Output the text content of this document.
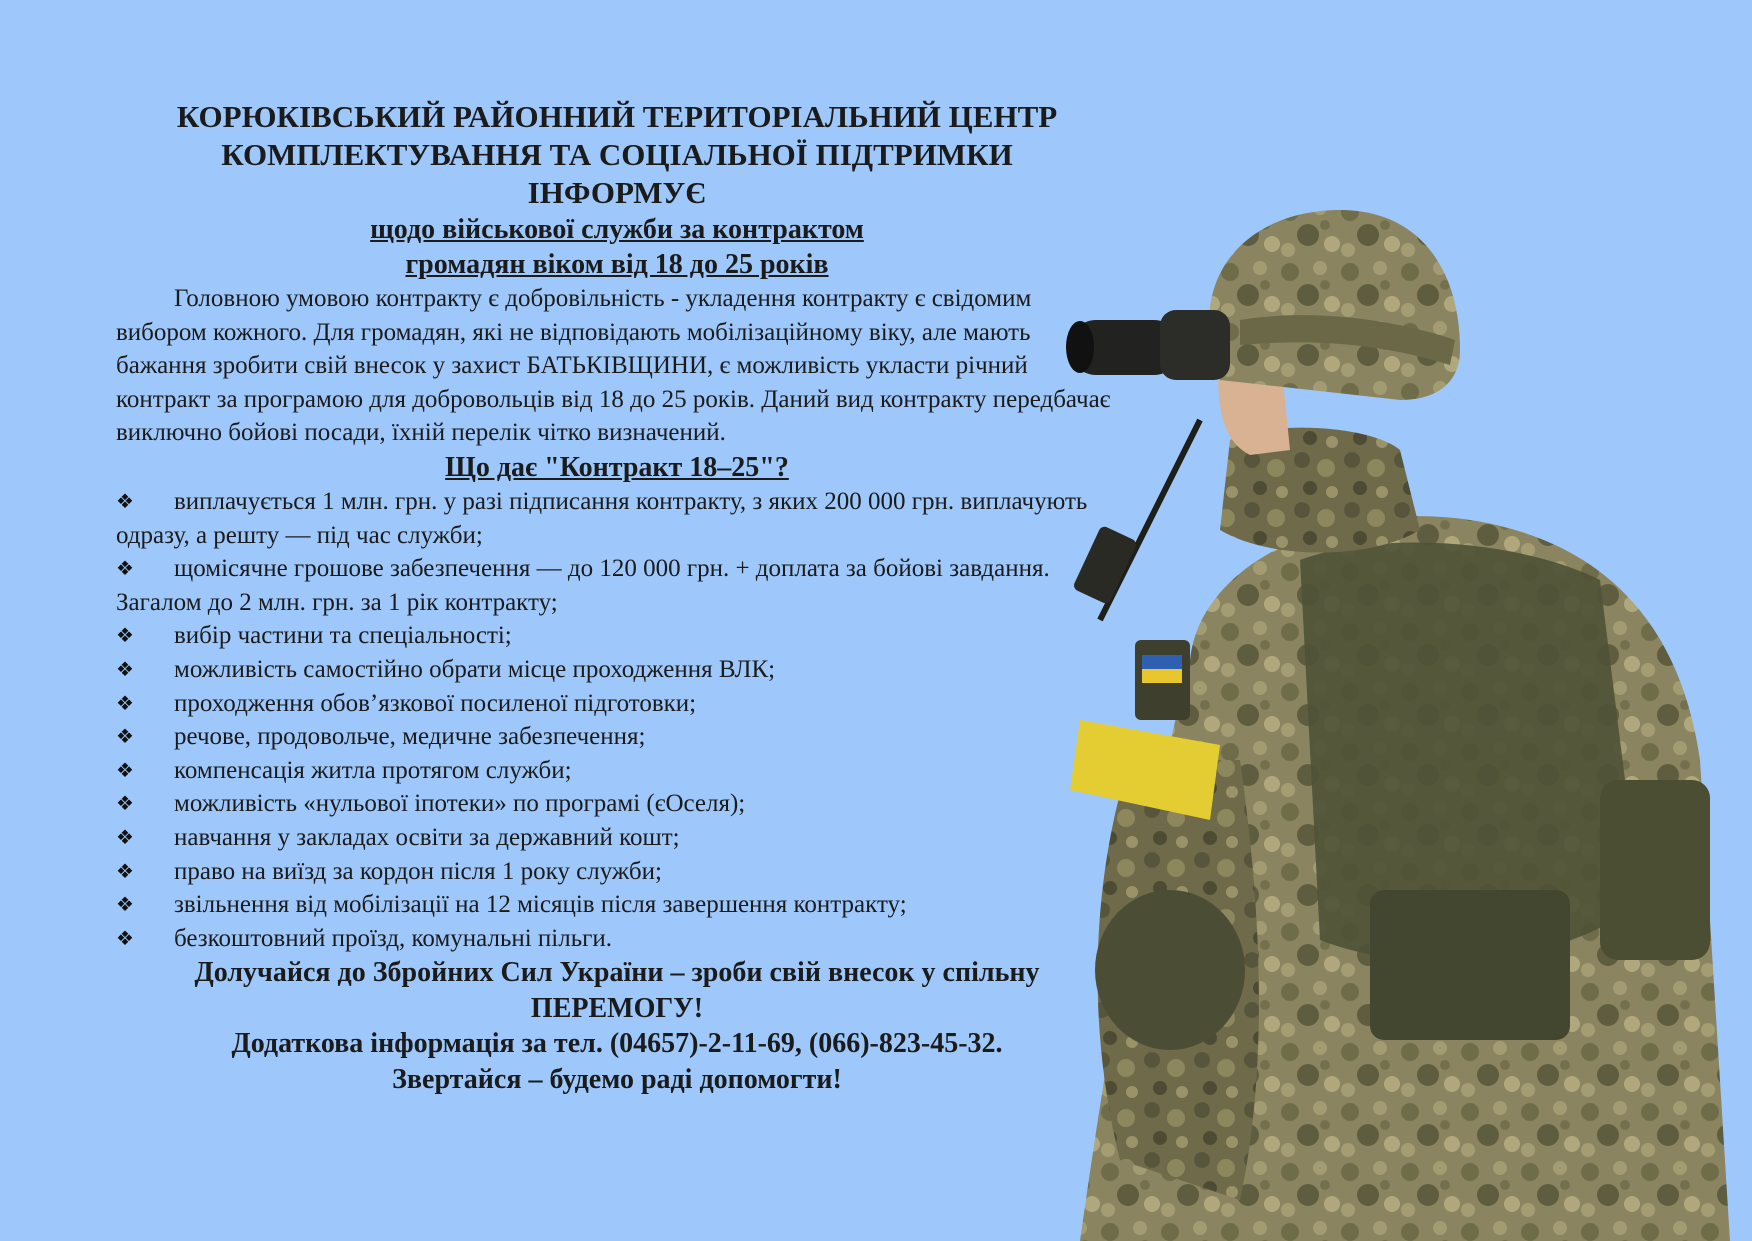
КОРЮКІВСЬКИЙ РАЙОННИЙ ТЕРИТОРІАЛЬНИЙ ЦЕНТР
КОМПЛЕКТУВАННЯ ТА СОЦІАЛЬНОЇ ПІДТРИМКИ
ІНФОРМУЄ
щодо військової служби за контрактом
громадян віком від 18 до 25 років

Головною умовою контракту є добровільність - укладення контракту є свідомим вибором кожного. Для громадян, які не відповідають мобілізаційному віку, але мають бажання зробити свій внесок у захист БАТЬКІВЩИНИ, є можливість укласти річний контракт за програмою для добровольців від 18 до 25 років. Даний вид контракту передбачає виключно бойові посади, їхній перелік чітко визначений.

Що дає "Контракт 18–25"?
❖ виплачується 1 млн. грн. у разі підписання контракту, з яких 200 000 грн. виплачують одразу, а решту — під час служби;
❖ щомісячне грошове забезпечення — до 120 000 грн. + доплата за бойові завдання. Загалом до 2 млн. грн. за 1 рік контракту;
❖ вибір частини та спеціальності;
❖ можливість самостійно обрати місце проходження ВЛК;
❖ проходження обов’язкової посиленої підготовки;
❖ речове, продовольче, медичне забезпечення;
❖ компенсація житла протягом служби;
❖ можливість «нульової іпотеки» по програмі (єОселя);
❖ навчання у закладах освіти за державний кошт;
❖ право на виїзд за кордон після 1 року служби;
❖ звільнення від мобілізації на 12 місяців після завершення контракту;
❖ безкоштовний проїзд, комунальні пільги.
Долучайся до Збройних Сил України – зроби свій внесок у спільну
ПЕРЕМОГУ!
Додаткова інформація за тел. (04657)-2-11-69, (066)-823-45-32.
Звертайся – будемо раді допомогти!
